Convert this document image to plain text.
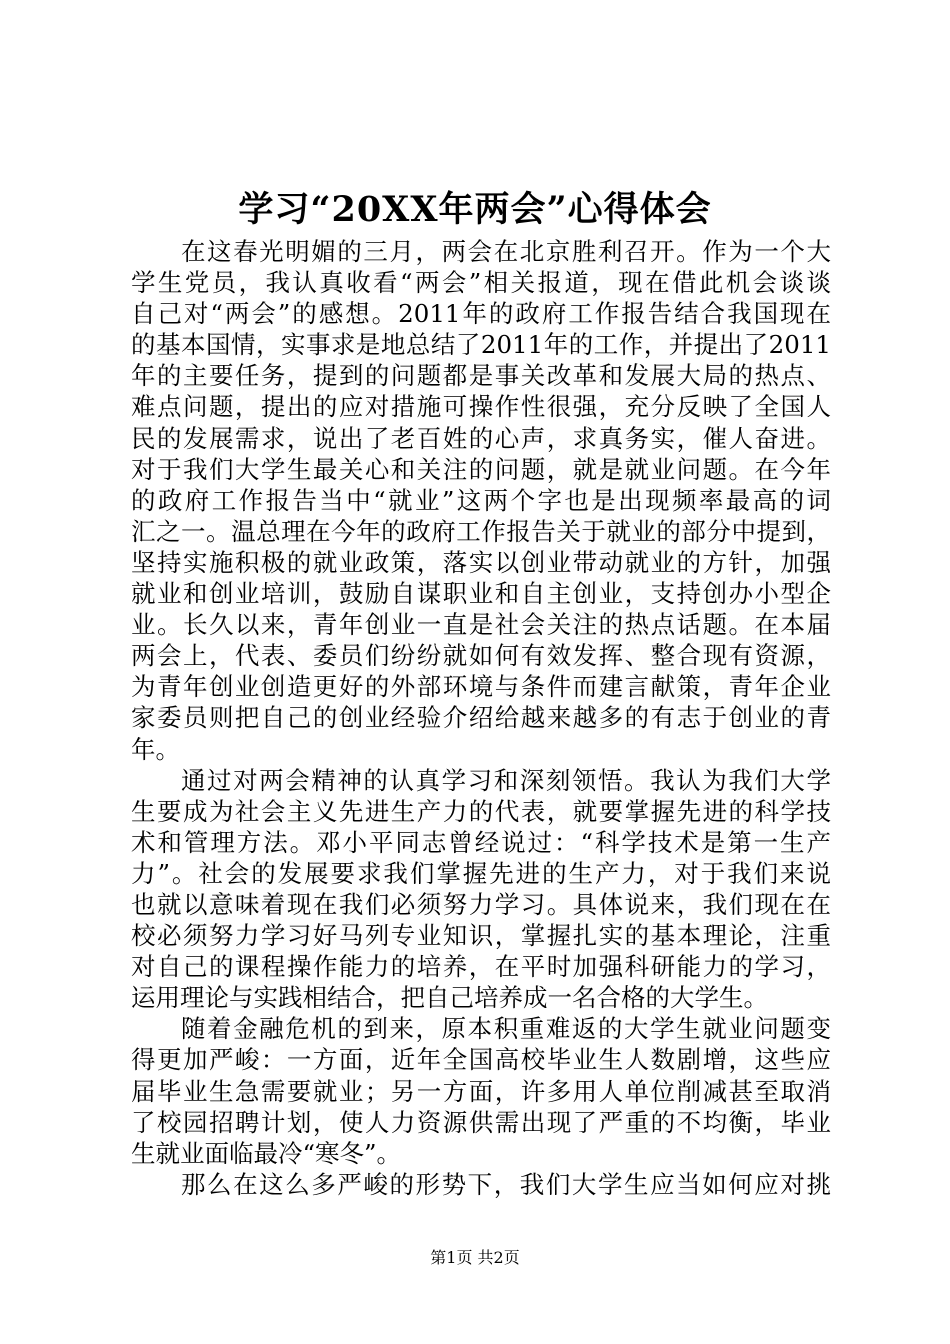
学习“20XX年两会”心得体会
在这春光明媚的三月，两会在北京胜利召开。作为一个大
学生党员，我认真收看“两会”相关报道，现在借此机会谈谈
自己对“两会”的感想。2011年的政府工作报告结合我国现在
的基本国情，实事求是地总结了2011年的工作，并提出了2011
年的主要任务，提到的问题都是事关改革和发展大局的热点、
难点问题，提出的应对措施可操作性很强，充分反映了全国人
民的发展需求，说出了老百姓的心声，求真务实，催人奋进。
对于我们大学生最关心和关注的问题，就是就业问题。在今年
的政府工作报告当中“就业”这两个字也是出现频率最高的词
汇之一。温总理在今年的政府工作报告关于就业的部分中提到，
坚持实施积极的就业政策，落实以创业带动就业的方针，加强
就业和创业培训，鼓励自谋职业和自主创业，支持创办小型企
业。长久以来，青年创业一直是社会关注的热点话题。在本届
两会上，代表、委员们纷纷就如何有效发挥、整合现有资源，
为青年创业创造更好的外部环境与条件而建言献策，青年企业
家委员则把自己的创业经验介绍给越来越多的有志于创业的青
年。
通过对两会精神的认真学习和深刻领悟。我认为我们大学
生要成为社会主义先进生产力的代表，就要掌握先进的科学技
术和管理方法。邓小平同志曾经说过：“科学技术是第一生产
力”。社会的发展要求我们掌握先进的生产力，对于我们来说
也就以意味着现在我们必须努力学习。具体说来，我们现在在
校必须努力学习好马列专业知识，掌握扎实的基本理论，注重
对自己的课程操作能力的培养，在平时加强科研能力的学习，
运用理论与实践相结合，把自己培养成一名合格的大学生。
随着金融危机的到来，原本积重难返的大学生就业问题变
得更加严峻：一方面，近年全国高校毕业生人数剧增，这些应
届毕业生急需要就业；另一方面，许多用人单位削减甚至取消
了校园招聘计划，使人力资源供需出现了严重的不均衡，毕业
生就业面临最冷“寒冬”。
那么在这么多严峻的形势下，我们大学生应当如何应对挑
第1页 共2页
